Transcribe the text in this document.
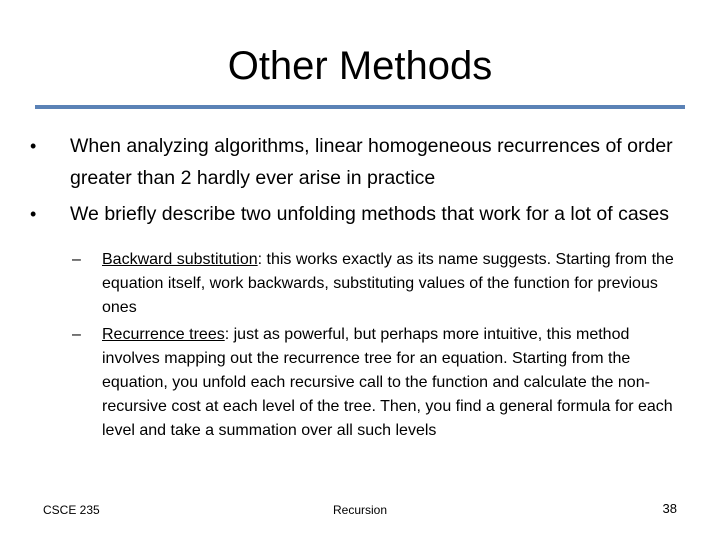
Other Methods
•	When analyzing algorithms, linear homogeneous recurrences of order greater than 2 hardly ever arise in practice
•	We briefly describe two unfolding methods that work for a lot of cases
–	Backward substitution: this works exactly as its name suggests. Starting from the equation itself, work backwards, substituting values of the function for previous ones
–	Recurrence trees: just as powerful, but perhaps more intuitive, this method involves mapping out the recurrence tree for an equation. Starting from the equation, you unfold each recursive call to the function and calculate the non-recursive cost at each level of the tree. Then, you find a general formula for each level and take a summation over all such levels
CSCE 235	Recursion	38
